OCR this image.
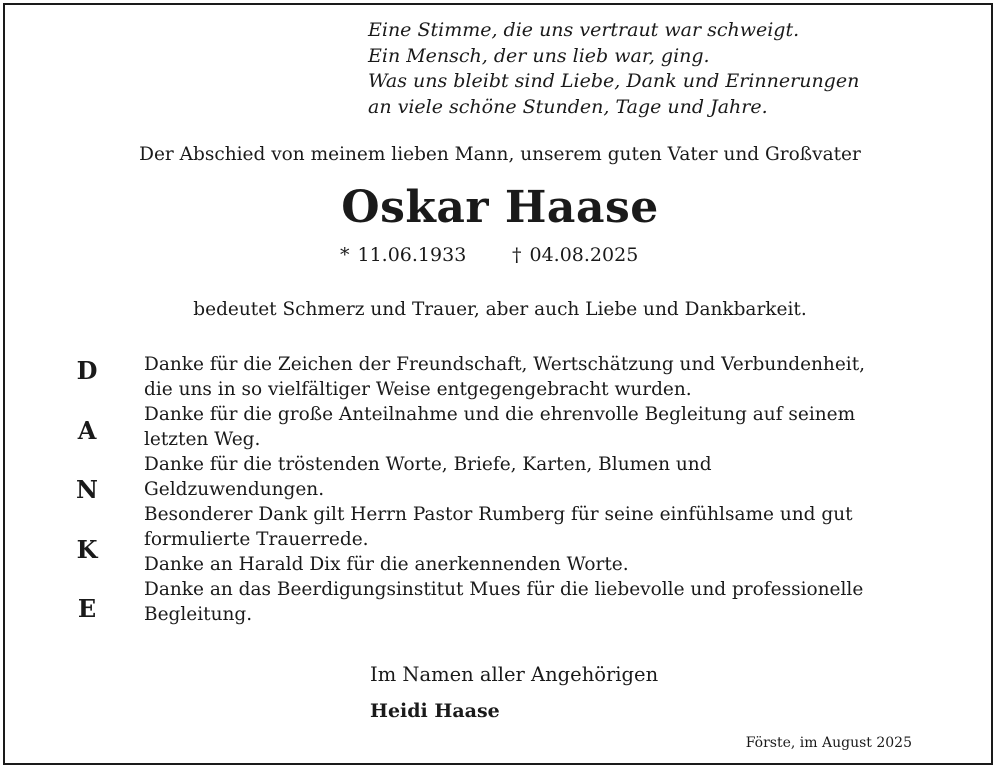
Eine Stimme, die uns vertraut war schweigt.
Ein Mensch, der uns lieb war, ging.
Was uns bleibt sind Liebe, Dank und Erinnerungen
an viele schöne Stunden, Tage und Jahre.
Der Abschied von meinem lieben Mann, unserem guten Vater und Großvater
Oskar Haase
* 11.06.1933 † 04.08.2025
bedeutet Schmerz und Trauer, aber auch Liebe und Dankbarkeit.
D
A
N
K
E
Danke für die Zeichen der Freundschaft, Wertschätzung und Verbundenheit,
die uns in so vielfältiger Weise entgegengebracht wurden.
Danke für die große Anteilnahme und die ehrenvolle Begleitung auf seinem
letzten Weg.
Danke für die tröstenden Worte, Briefe, Karten, Blumen und
Geldzuwendungen.
Besonderer Dank gilt Herrn Pastor Rumberg für seine einfühlsame und gut
formulierte Trauerrede.
Danke an Harald Dix für die anerkennenden Worte.
Danke an das Beerdigungsinstitut Mues für die liebevolle und professionelle
Begleitung.
Im Namen aller Angehörigen
Heidi Haase
Förste, im August 2025
